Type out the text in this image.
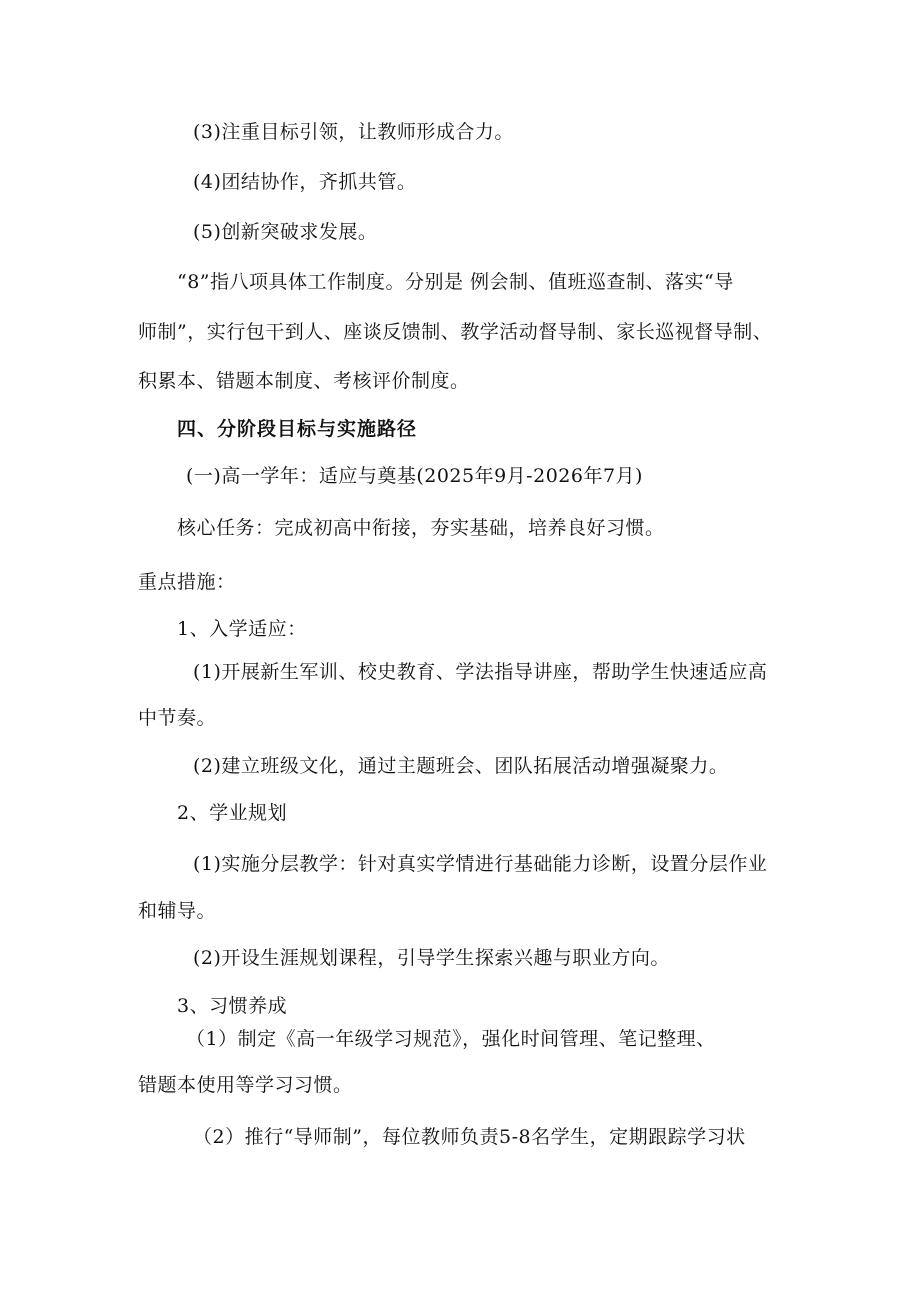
(3)注重目标引领，让教师形成合力。
(4)团结协作，齐抓共管。
(5)创新突破求发展。
“8”指八项具体工作制度。分别是 例会制、值班巡查制、落实“导
师制”，实行包干到人、座谈反馈制、教学活动督导制、家长巡视督导制、
积累本、错题本制度、考核评价制度。
四、分阶段目标与实施路径
(一)高一学年：适应与奠基(2025年9月-2026年7月)
核心任务：完成初高中衔接，夯实基础，培养良好习惯。
重点措施：
1、入学适应：
(1)开展新生军训、校史教育、学法指导讲座，帮助学生快速适应高
中节奏。
(2)建立班级文化，通过主题班会、团队拓展活动增强凝聚力。
2、学业规划
(1)实施分层教学：针对真实学情进行基础能力诊断，设置分层作业
和辅导。
(2)开设生涯规划课程，引导学生探索兴趣与职业方向。
3、习惯养成
（1）制定《高一年级学习规范》，强化时间管理、笔记整理、
错题本使用等学习习惯。
（2）推行“导师制”，每位教师负责5-8名学生，定期跟踪学习状
